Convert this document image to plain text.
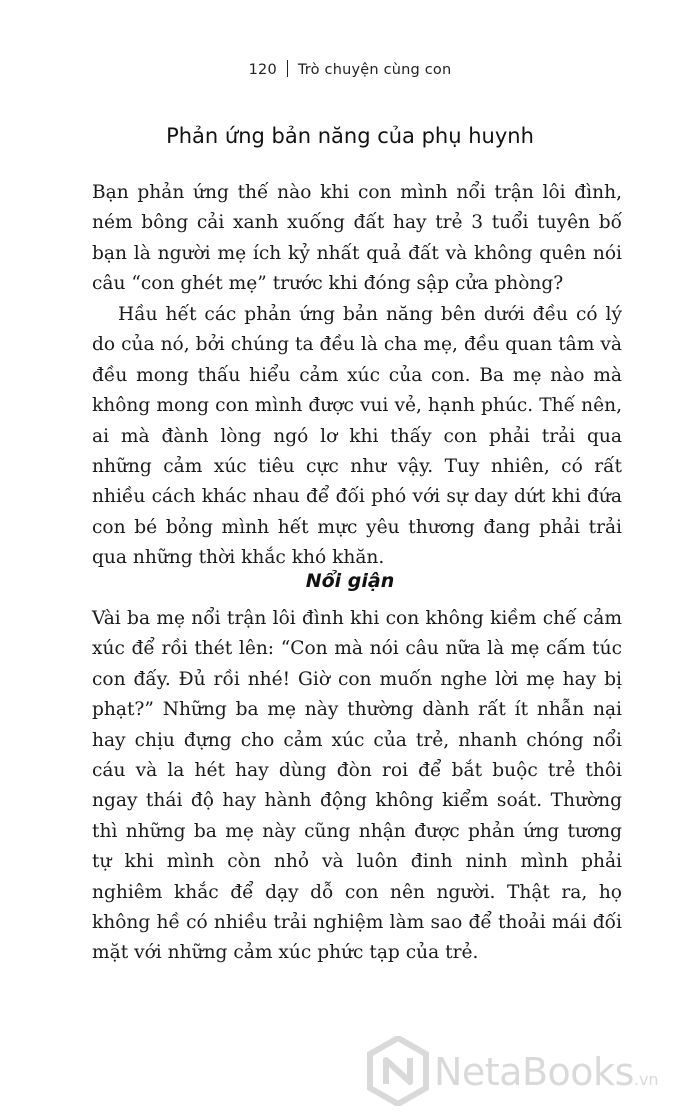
120 Trò chuyện cùng con
Phản ứng bản năng của phụ huynh

Bạn phản ứng thế nào khi con mình nổi trận lôi đình, ném bông cải xanh xuống đất hay trẻ 3 tuổi tuyên bố bạn là người mẹ ích kỷ nhất quả đất và không quên nói câu “con ghét mẹ” trước khi đóng sập cửa phòng?

Hầu hết các phản ứng bản năng bên dưới đều có lý do của nó, bởi chúng ta đều là cha mẹ, đều quan tâm và đều mong thấu hiểu cảm xúc của con. Ba mẹ nào mà không mong con mình được vui vẻ, hạnh phúc. Thế nên, ai mà đành lòng ngó lơ khi thấy con phải trải qua những cảm xúc tiêu cực như vậy. Tuy nhiên, có rất nhiều cách khác nhau để đối phó với sự day dứt khi đứa con bé bỏng mình hết mực yêu thương đang phải trải qua những thời khắc khó khăn.

Nổi giận

Vài ba mẹ nổi trận lôi đình khi con không kiềm chế cảm xúc để rồi thét lên: “Con mà nói câu nữa là mẹ cấm túc con đấy. Đủ rồi nhé! Giờ con muốn nghe lời mẹ hay bị phạt?” Những ba mẹ này thường dành rất ít nhẫn nại hay chịu đựng cho cảm xúc của trẻ, nhanh chóng nổi cáu và la hét hay dùng đòn roi để bắt buộc trẻ thôi ngay thái độ hay hành động không kiểm soát. Thường thì những ba mẹ này cũng nhận được phản ứng tương tự khi mình còn nhỏ và luôn đinh ninh mình phải nghiêm khắc để dạy dỗ con nên người. Thật ra, họ không hề có nhiều trải nghiệm làm sao để thoải mái đối mặt với những cảm xúc phức tạp của trẻ.

NetaBooks.vn
